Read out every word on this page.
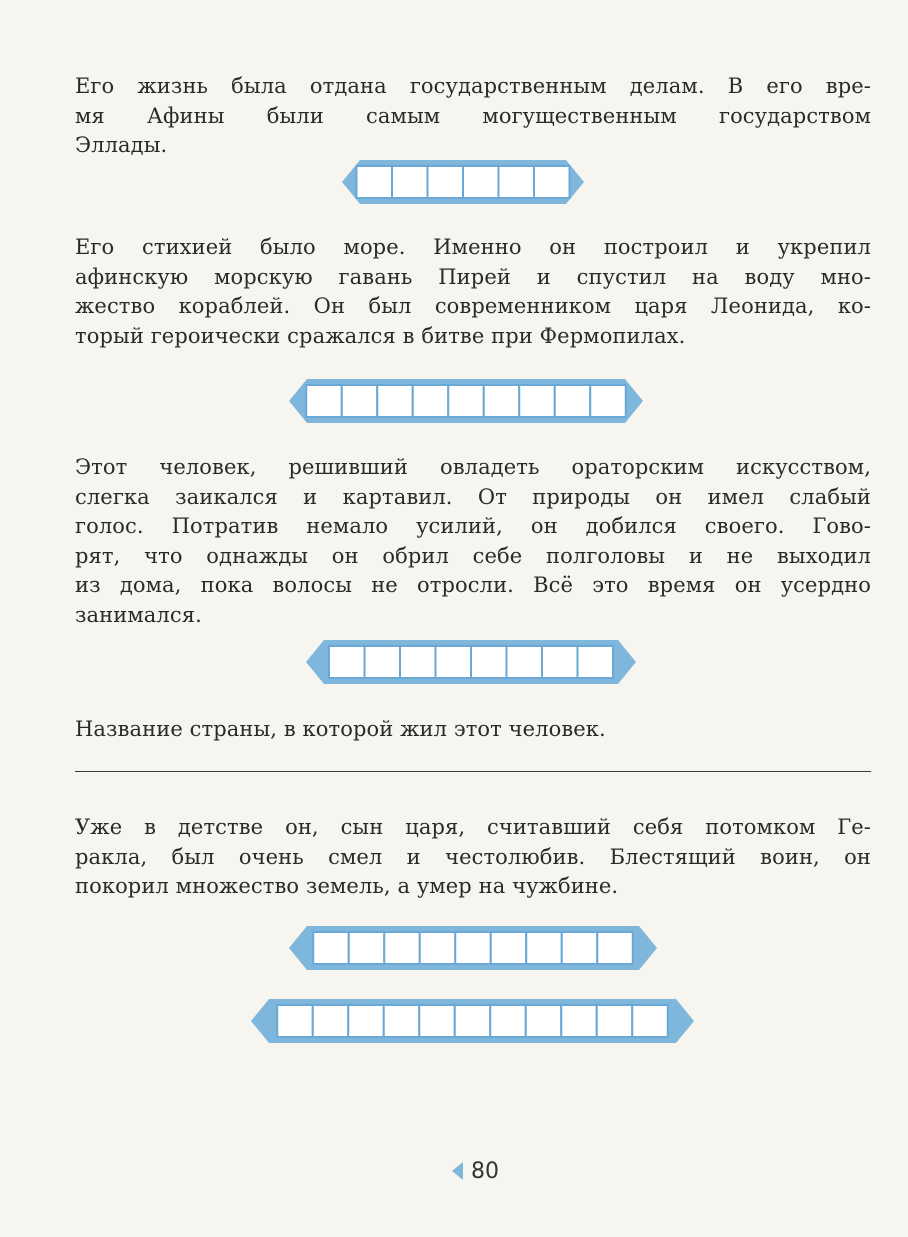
Его жизнь была отдана государственным делам. В его вре-
мя Афины были самым могущественным государством
Эллады.

Его стихией было море. Именно он построил и укрепил
афинскую морскую гавань Пирей и спустил на воду мно-
жество кораблей. Он был современником царя Леонида, ко-
торый героически сражался в битве при Фермопилах.

Этот человек, решивший овладеть ораторским искусством,
слегка заикался и картавил. От природы он имел слабый
голос. Потратив немало усилий, он добился своего. Гово-
рят, что однажды он обрил себе полголовы и не выходил
из дома, пока волосы не отросли. Всё это время он усердно
занимался.

Название страны, в которой жил этот человек.

Уже в детстве он, сын царя, считавший себя потомком Ге-
ракла, был очень смел и честолюбив. Блестящий воин, он
покорил множество земель, а умер на чужбине.

80
